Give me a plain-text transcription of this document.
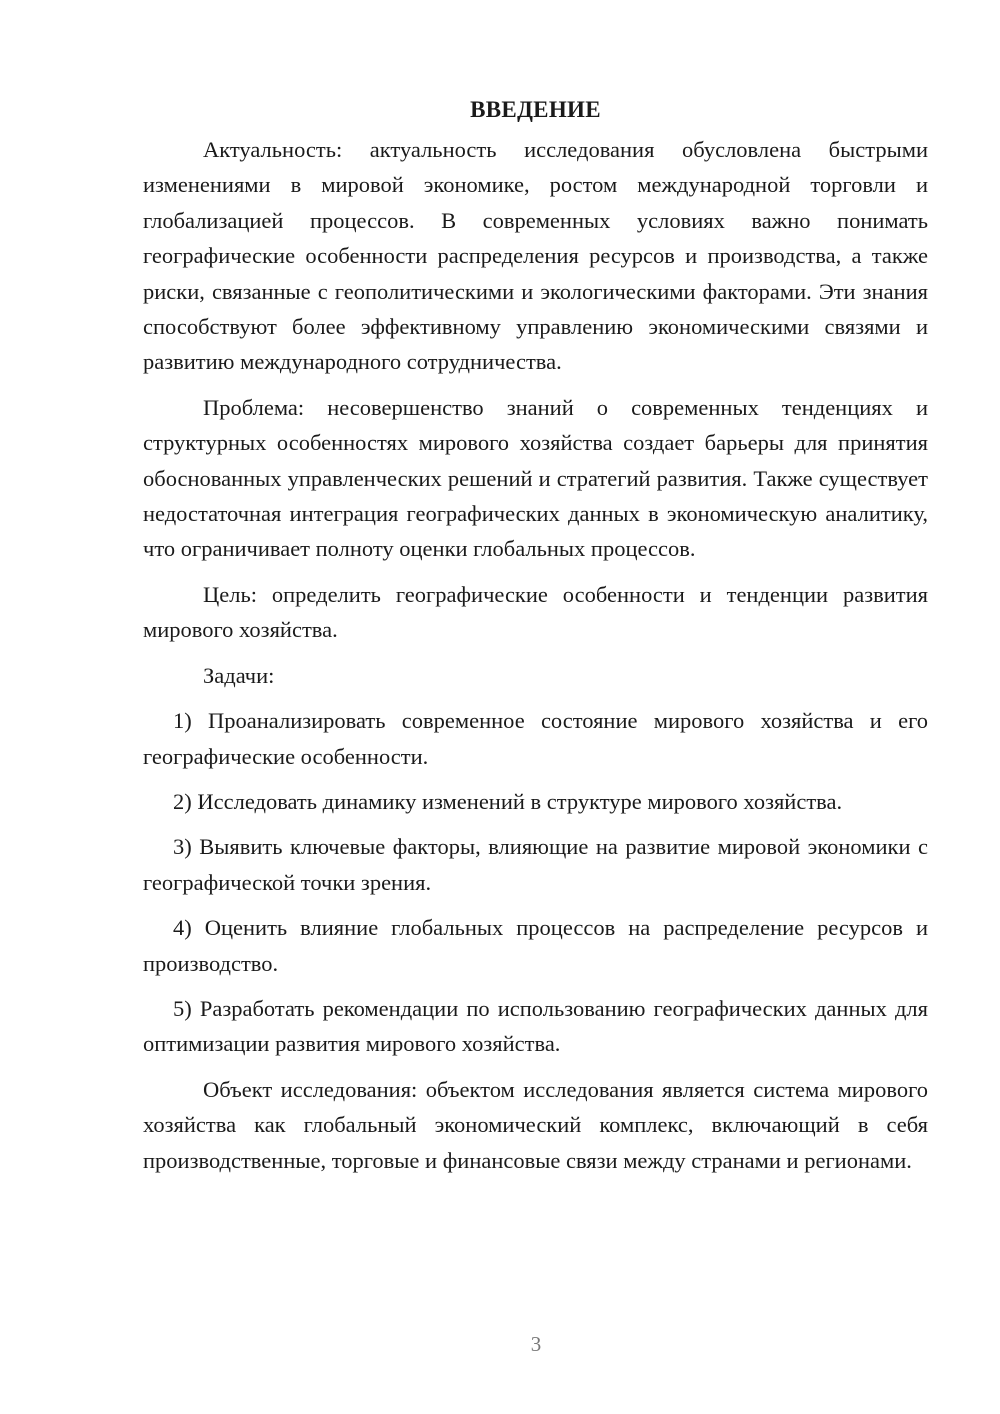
ВВЕДЕНИЕ

Актуальность: актуальность исследования обусловлена быстрыми изменениями в мировой экономике, ростом международной торговли и глобализацией процессов. В современных условиях важно понимать географические особенности распределения ресурсов и производства, а также риски, связанные с геополитическими и экологическими факторами. Эти знания способствуют более эффективному управлению экономическими связями и развитию международного сотрудничества.

Проблема: несовершенство знаний о современных тенденциях и структурных особенностях мирового хозяйства создает барьеры для принятия обоснованных управленческих решений и стратегий развития. Также существует недостаточная интеграция географических данных в экономическую аналитику, что ограничивает полноту оценки глобальных процессов.

Цель: определить географические особенности и тенденции развития мирового хозяйства.

Задачи:

1) Проанализировать современное состояние мирового хозяйства и его географические особенности.

2) Исследовать динамику изменений в структуре мирового хозяйства.

3) Выявить ключевые факторы, влияющие на развитие мировой экономики с географической точки зрения.

4) Оценить влияние глобальных процессов на распределение ресурсов и производство.

5) Разработать рекомендации по использованию географических данных для оптимизации развития мирового хозяйства.

Объект исследования: объектом исследования является система мирового хозяйства как глобальный экономический комплекс, включающий в себя производственные, торговые и финансовые связи между странами и регионами.

3
